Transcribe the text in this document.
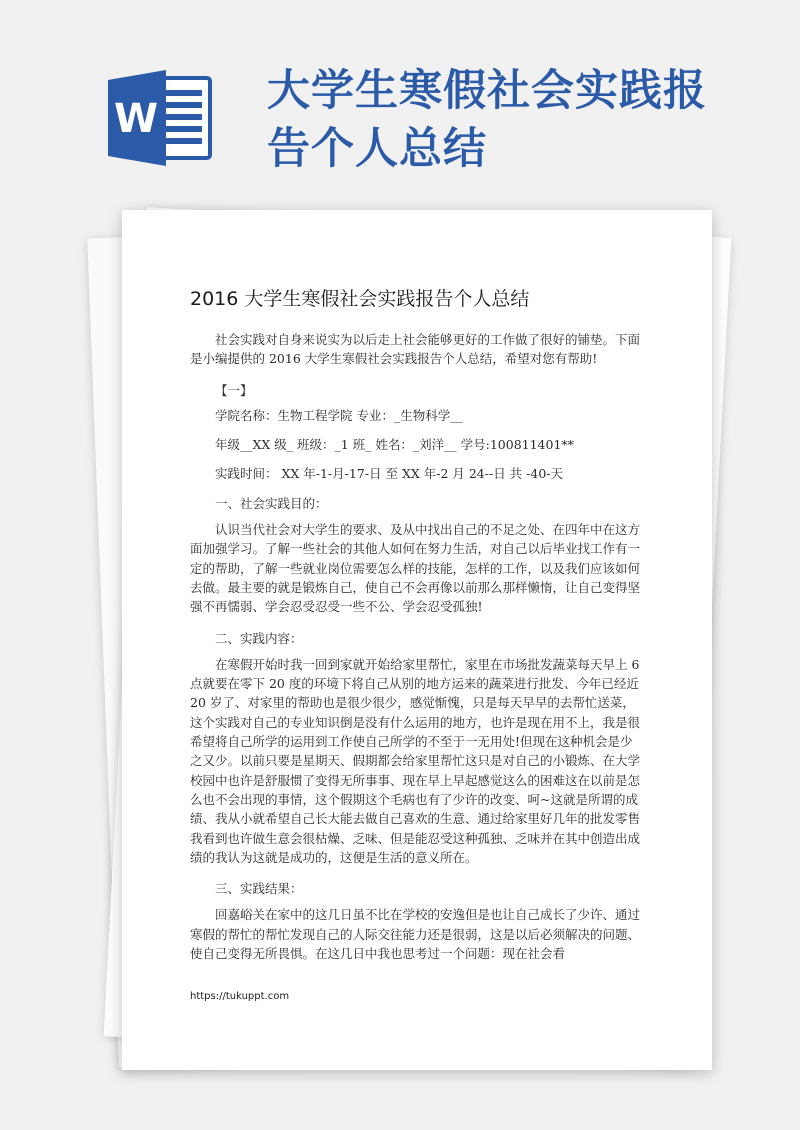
W
大学生寒假社会实践报
告个人总结
2016 大学生寒假社会实践报告个人总结

社会实践对自身来说实为以后走上社会能够更好的工作做了很好的铺垫。下面是小编提供的 2016 大学生寒假社会实践报告个人总结，希望对您有帮助!

【一】

学院名称：生物工程学院 专业：_生物科学__

年级__XX 级_ 班级：_1 班_ 姓名：_刘洋__ 学号:100811401**

实践时间： XX 年-1-月-17-日 至 XX 年-2 月 24--日 共 -40-天

一、社会实践目的：

认识当代社会对大学生的要求、及从中找出自己的不足之处、在四年中在这方面加强学习。了解一些社会的其他人如何在努力生活，对自己以后毕业找工作有一定的帮助，了解一些就业岗位需要怎么样的技能，怎样的工作，以及我们应该如何去做。最主要的就是锻炼自己，使自己不会再像以前那么那样懒惰，让自己变得坚强不再懦弱、学会忍受忍受一些不公、学会忍受孤独!

二、实践内容：

在寒假开始时我一回到家就开始给家里帮忙，家里在市场批发蔬菜每天早上 6 点就要在零下 20 度的环境下将自己从别的地方运来的蔬菜进行批发、今年已经近 20 岁了、对家里的帮助也是很少很少，感觉惭愧，只是每天早早的去帮忙送菜，这个实践对自己的专业知识倒是没有什么运用的地方，也许是现在用不上，我是很希望将自己所学的运用到工作使自己所学的不至于一无用处!但现在这种机会是少之又少。以前只要是星期天、假期都会给家里帮忙这只是对自己的小锻炼、在大学校园中也许是舒服惯了变得无所事事、现在早上早起感觉这么的困难这在以前是怎么也不会出现的事情，这个假期这个毛病也有了少许的改变、呵~这就是所谓的成绩、我从小就希望自己长大能去做自己喜欢的生意、通过给家里好几年的批发零售我看到也许做生意会很枯燥、乏味、但是能忍受这种孤独、乏味并在其中创造出成绩的我认为这就是成功的，这便是生活的意义所在。

三、实践结果：

回嘉峪关在家中的这几日虽不比在学校的安逸但是也让自己成长了少许、通过寒假的帮忙的帮忙发现自己的人际交往能力还是很弱，这是以后必须解决的问题、使自己变得无所畏惧。在这几日中我也思考过一个问题：现在社会看

https://tukuppt.com
